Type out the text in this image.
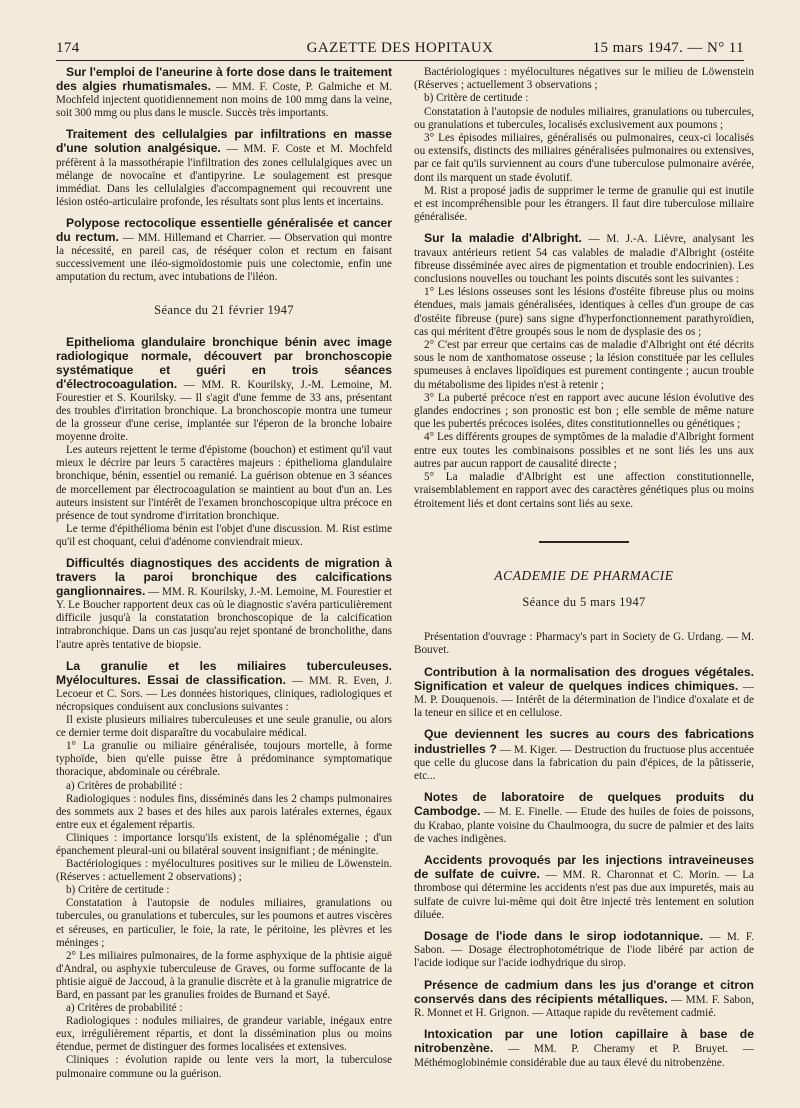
174	GAZETTE DES HOPITAUX	15 mars 1947. — N° 11

Sur l'emploi de l'aneurine à forte dose dans le traitement des algies rhumatismales. — MM. F. Coste, P. Galmiche et M. Mochfeld injectent quotidiennement non moins de 100 mmg dans la veine, soit 300 mmg ou plus dans le muscle. Succès très importants.

Traitement des cellulalgies par infiltrations en masse d'une solution analgésique. — MM. F. Coste et M. Mochfeld préfèrent à la massothérapie l'infiltration des zones cellulalgiques avec un mélange de novocaïne et d'antipyrine. Le soulagement est presque immédiat. Dans les cellulalgies d'accompagnement qui recouvrent une lésion ostéo-articulaire profonde, les résultats sont plus lents et incertains.

Polypose rectocolique essentielle généralisée et cancer du rectum. — MM. Hillemand et Charrier. — Observation qui montre la nécessité, en pareil cas, de réséquer colon et rectum en faisant successivement une iléo-sigmoïdostomie puis une colectomie, enfin une amputation du rectum, avec intubations de l'iléon.

Séance du 21 février 1947

Epithelioma glandulaire bronchique bénin avec image radiologique normale, découvert par bronchoscopie systématique et guéri en trois séances d'électrocoagulation. — MM. R. Kourilsky, J.-M. Lemoine, M. Fourestier et S. Kourilsky. — Il s'agit d'une femme de 33 ans, présentant des troubles d'irritation bronchique. La bronchoscopie montra une tumeur de la grosseur d'une cerise, implantée sur l'éperon de la bronche lobaire moyenne droite.

Les auteurs rejettent le terme d'épistome (bouchon) et estiment qu'il vaut mieux le décrire par leurs 5 caractères majeurs : épithelioma glandulaire bronchique, bénin, essentiel ou remanié. La guérison obtenue en 3 séances de morcellement par électrocoagulation se maintient au bout d'un an. Les auteurs insistent sur l'intérêt de l'examen bronchoscopique ultra précoce en présence de tout syndrome d'irritation bronchique.

Le terme d'épithélioma bénin est l'objet d'une discussion. M. Rist estime qu'il est choquant, celui d'adénome conviendrait mieux.

Difficultés diagnostiques des accidents de migration à travers la paroi bronchique des calcifications ganglionnaires. — MM. R. Kourilsky, J.-M. Lemoine, M. Fourestier et Y. Le Boucher rapportent deux cas où le diagnostic s'avéra particulièrement difficile jusqu'à la constatation bronchoscopique de la calcification intrabronchique. Dans un cas jusqu'au rejet spontané de broncholithe, dans l'autre après tentative de biopsie.

La granulie et les miliaires tuberculeuses. Myélocultures. Essai de classification. — MM. R. Even, J. Lecoeur et C. Sors. — Les données historiques, cliniques, radiologiques et nécropsiques conduisent aux conclusions suivantes :

Il existe plusieurs miliaires tuberculeuses et une seule granulie, ou alors ce dernier terme doit disparaître du vocabulaire médical.

1° La granulie ou miliaire généralisée, toujours mortelle, à forme typhoïde, bien qu'elle puisse être à prédominance symptomatique thoracique, abdominale ou cérébrale.

a) Critères de probabilité :

Radiologiques : nodules fins, disséminés dans les 2 champs pulmonaires des sommets aux 2 bases et des hiles aux parois latérales externes, égaux entre eux et également répartis.

Cliniques : importance lorsqu'ils existent, de la splénomégalie ; d'un épanchement pleural-uni ou bilatéral souvent insignifiant ; de méningite.

Bactériologiques : myélocultures positives sur le milieu de Löwenstein. (Réserves : actuellement 2 observations) ;

b) Critère de certitude :

Constatation à l'autopsie de nodules miliaires, granulations ou tubercules, ou granulations et tubercules, sur les poumons et autres viscères et séreuses, en particulier, le foie, la rate, le péritoine, les plèvres et les méninges ;

2° Les miliaires pulmonaires, de la forme asphyxique de la phtisie aiguë d'Andral, ou asphyxie tuberculeuse de Graves, ou forme suffocante de la phtisie aiguë de Jaccoud, à la granulie discrète et à la granulie migratrice de Bard, en passant par les granulies froides de Burnand et Sayé.

a) Critères de probabilité :

Radiologiques : nodules miliaires, de grandeur variable, inégaux entre eux, irrégulièrement répartis, et dont la dissémination plus ou moins étendue, permet de distinguer des formes localisées et extensives.

Cliniques : évolution rapide ou lente vers la mort, la tuberculose pulmonaire commune ou la guérison.

Bactériologiques : myélocultures négatives sur le milieu de Löwenstein (Réserves ; actuellement 3 observations ;

b) Critère de certitude :

Constatation à l'autopsie de nodules miliaires, granulations ou tubercules, ou granulations et tubercules, localisés exclusivement aux poumons ;

3° Les épisodes miliaires, généralisés ou pulmonaires, ceux-ci localisés ou extensifs, distincts des miliaires généralisées pulmonaires ou extensives, par ce fait qu'ils surviennent au cours d'une tuberculose pulmonaire avérée, dont ils marquent un stade évolutif.

M. Rist a proposé jadis de supprimer le terme de granulie qui est inutile et est incompréhensible pour les étrangers. Il faut dire tuberculose miliaire généralisée.

Sur la maladie d'Albright. — M. J.-A. Lièvre, analysant les travaux antérieurs retient 54 cas valables de maladie d'Albright (ostéite fibreuse disséminée avec aires de pigmentation et trouble endocrinien). Les conclusions nouvelles ou touchant les points discutés sont les suivantes :

1° Les lésions osseuses sont les lésions d'ostéite fibreuse plus ou moins étendues, mais jamais généralisées, identiques à celles d'un groupe de cas d'ostéite fibreuse (pure) sans signe d'hyperfonctionnement parathyroïdien, cas qui méritent d'être groupés sous le nom de dysplasie des os ;

2° C'est par erreur que certains cas de maladie d'Albright ont été décrits sous le nom de xanthomatose osseuse ; la lésion constituée par les cellules spumeuses à enclaves lipoïdiques est purement contingente ; aucun trouble du métabolisme des lipides n'est à retenir ;

3° La puberté précoce n'est en rapport avec aucune lésion évolutive des glandes endocrines ; son pronostic est bon ; elle semble de même nature que les pubertés précoces isolées, dites constitutionnelles ou génétiques ;

4° Les différents groupes de symptômes de la maladie d'Albright forment entre eux toutes les combinaisons possibles et ne sont liés les uns aux autres par aucun rapport de causalité directe ;

5° La maladie d'Albright est une affection constitutionnelle, vraisemblablement en rapport avec des caractères génétiques plus ou moins étroitement liés et dont certains sont liés au sexe.

ACADEMIE DE PHARMACIE
Séance du 5 mars 1947

Présentation d'ouvrage : Pharmacy's part in Society de G. Urdang. — M. Bouvet.

Contribution à la normalisation des drogues végétales. Signification et valeur de quelques indices chimiques. — M. P. Douquenois. — Intérêt de la détermination de l'indice d'oxalate et de la teneur en silice et en cellulose.

Que deviennent les sucres au cours des fabrications industrielles ? — M. Kiger. — Destruction du fructuose plus accentuée que celle du glucose dans la fabrication du pain d'épices, de la pâtisserie, etc...

Notes de laboratoire de quelques produits du Cambodge. — M. E. Finelle. — Etude des huiles de foies de poissons, du Krabao, plante voisine du Chaulmoogra, du sucre de palmier et des laits de vaches indigènes.

Accidents provoqués par les injections intraveineuses de sulfate de cuivre. — MM. R. Charonnat et C. Morin. — La thrombose qui détermine les accidents n'est pas due aux impuretés, mais au sulfate de cuivre lui-même qui doit être injecté très lentement en solution diluée.

Dosage de l'iode dans le sirop iodotannique. — M. F. Sabon. — Dosage électrophotométrique de l'iode libéré par action de l'acide iodique sur l'acide iodhydrique du sirop.

Présence de cadmium dans les jus d'orange et citron conservés dans des récipients métalliques. — MM. F. Sabon, R. Monnet et H. Grignon. — Attaque rapide du revêtement cadmié.

Intoxication par une lotion capillaire à base de nitrobenzène. — MM. P. Cheramy et P. Bruyet. — Méthémoglobinémie considérable due au taux élevé du nitrobenzène.
